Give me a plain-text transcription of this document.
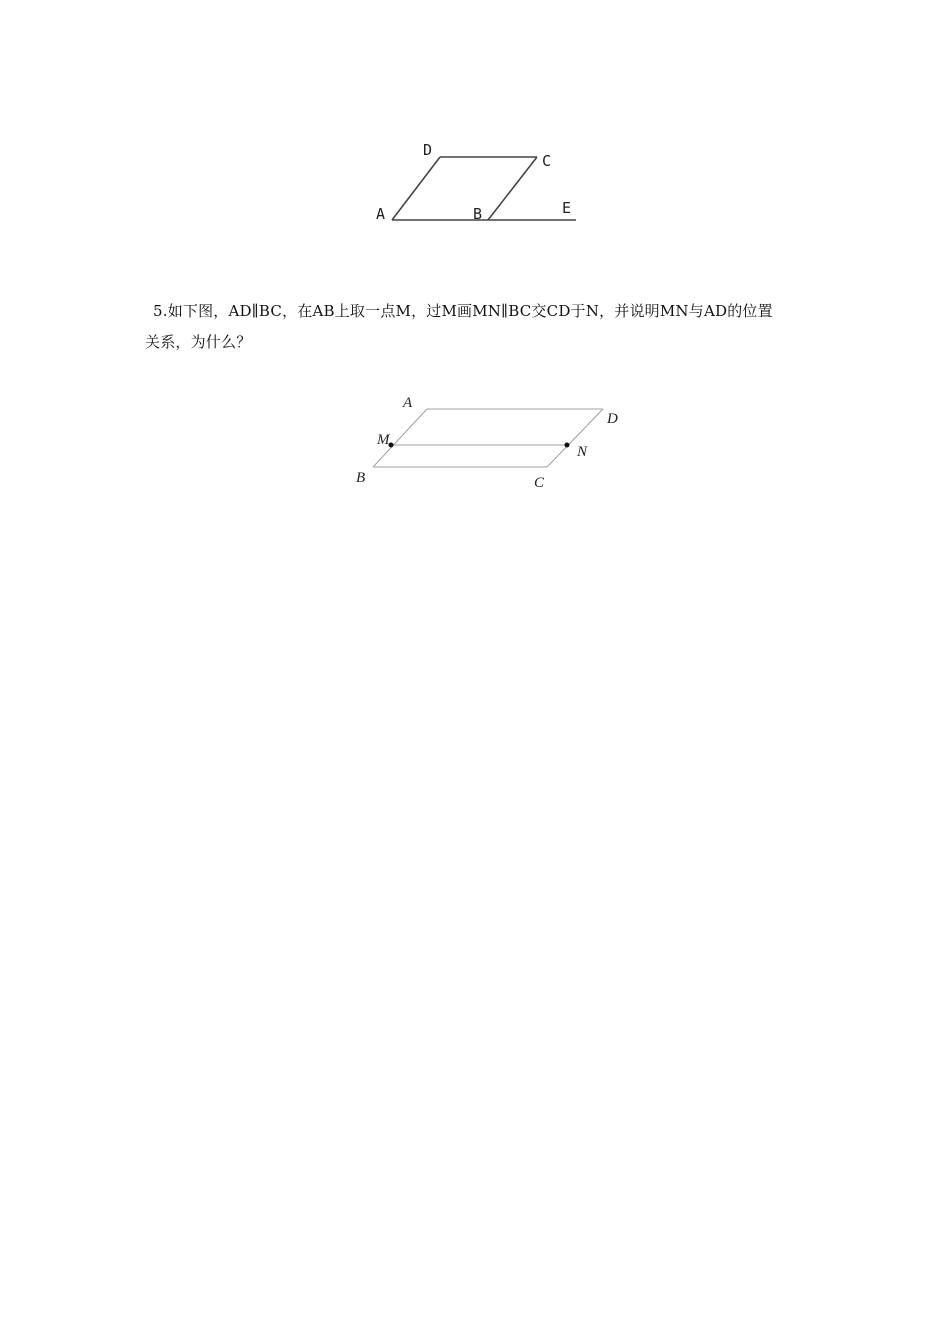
A
D
C
B	E
5.如下图，AD∥BC，在AB上取一点M，过M画MN∥BC交CD于N，并说明MN与AD的位置
关系，为什么？
A
D
M
N
B	C
